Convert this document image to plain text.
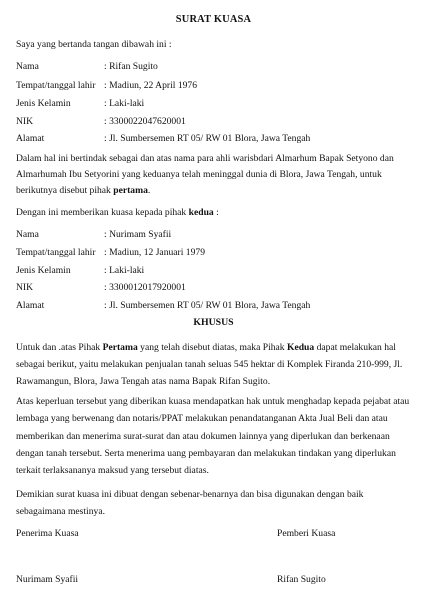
SURAT KUASA
Saya yang bertanda tangan dibawah ini :
Nama	: Rifan Sugito
Tempat/tanggal lahir : Madiun, 22 April 1976
Jenis Kelamin	: Laki-laki
NIK	: 3300022047620001
Alamat	: Jl. Sumbersemen RT 05/ RW 01 Blora, Jawa Tengah

Dalam hal ini bertindak sebagai dan atas nama para ahli warisbdari Almarhum Bapak Setyono dan

Almarhumah Ibu Setyorini yang keduanya telah meninggal dunia di Blora, Jawa Tengah, untuk

berikutnya disebut pihak pertama.

Dengan ini memberikan kuasa kepada pihak kedua :
Nama	: Nurimam Syafii
Tempat/tanggal lahir : Madiun, 12 Januari 1979
Jenis Kelamin	: Laki-laki
NIK	: 3300012017920001
Alamat	: Jl. Sumbersemen RT 05/ RW 01 Blora, Jawa Tengah
KHUSUS

Untuk dan .atas Pihak Pertama yang telah disebut diatas, maka Pihak Kedua dapat melakukan hal

sebagai berikut, yaitu melakukan penjualan tanah seluas 545 hektar di Komplek Firanda 210-999, Jl.

Rawamangun, Blora, Jawa Tengah atas nama Bapak Rifan Sugito.

Atas keperluan tersebut yang diberikan kuasa mendapatkan hak untuk menghadap kepada pejabat atau

lembaga yang berwenang dan notaris/PPAT melakukan penandatanganan Akta Jual Beli dan atau

memberikan dan menerima surat-surat dan atau dokumen lainnya yang diperlukan dan berkenaan

dengan tanah tersebut. Serta menerima uang pembayaran dan melakukan tindakan yang diperlukan

terkait terlaksananya maksud yang tersebut diatas.

Demikian surat kuasa ini dibuat dengan sebenar-benarnya dan bisa digunakan dengan baik

sebagaimana mestinya.

Penerima Kuasa	Pemberi Kuasa
Nurimam Syafii	Rifan Sugito
